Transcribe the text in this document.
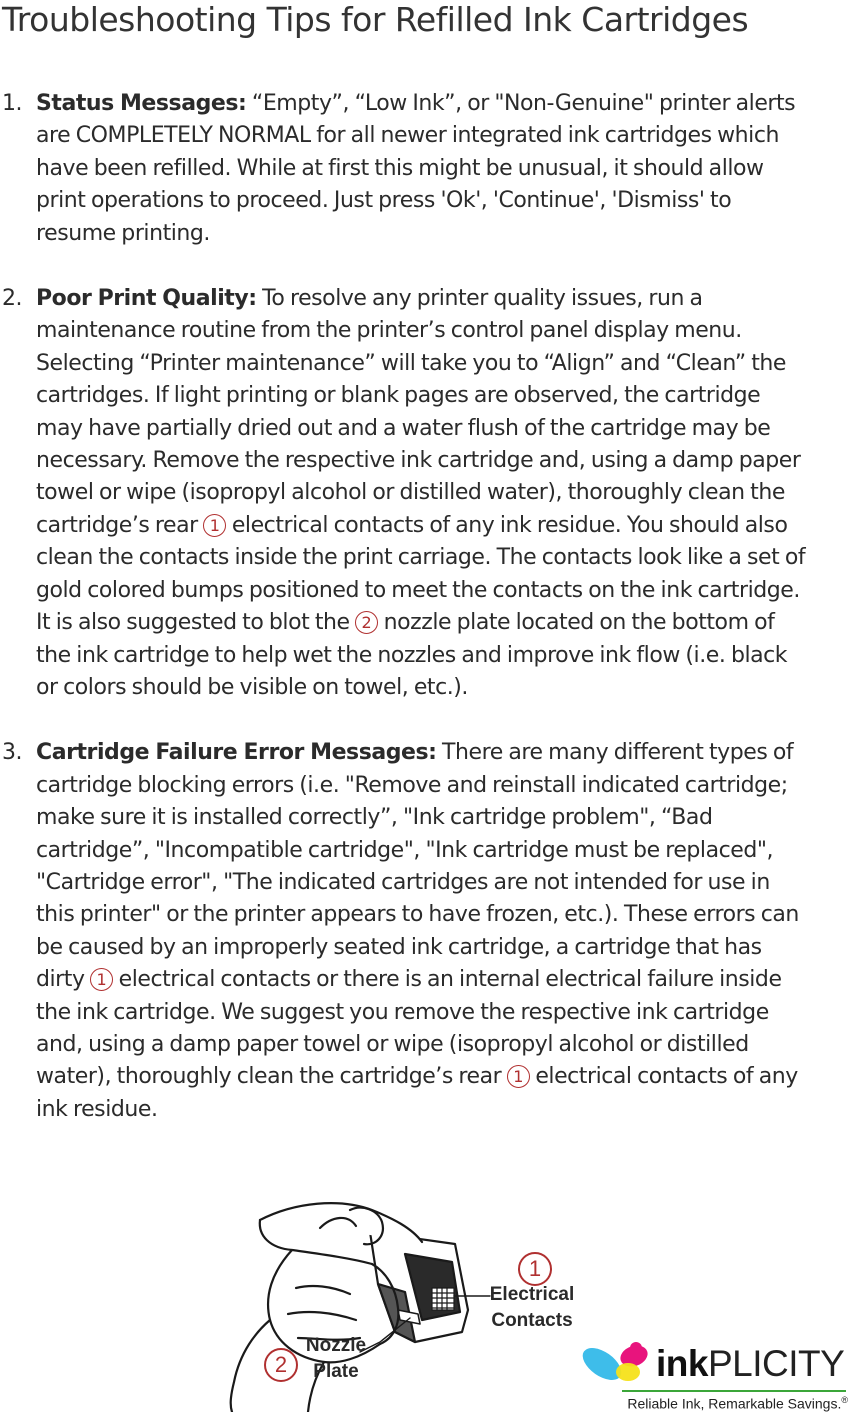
Troubleshooting Tips for Refilled Ink Cartridges
1. Status Messages: “Empty”, “Low Ink”, or "Non-Genuine" printer alerts are COMPLETELY NORMAL for all newer integrated ink cartridges which have been refilled. While at first this might be unusual, it should allow print operations to proceed. Just press 'Ok', 'Continue', 'Dismiss' to resume printing.
2. Poor Print Quality: To resolve any printer quality issues, run a maintenance routine from the printer’s control panel display menu. Selecting “Printer maintenance” will take you to “Align” and “Clean” the cartridges. If light printing or blank pages are observed, the cartridge may have partially dried out and a water flush of the cartridge may be necessary. Remove the respective ink cartridge and, using a damp paper towel or wipe (isopropyl alcohol or distilled water), thoroughly clean the cartridge’s rear 1 electrical contacts of any ink residue. You should also clean the contacts inside the print carriage. The contacts look like a set of gold colored bumps positioned to meet the contacts on the ink cartridge. It is also suggested to blot the 2 nozzle plate located on the bottom of the ink cartridge to help wet the nozzles and improve ink flow (i.e. black or colors should be visible on towel, etc.).
3. Cartridge Failure Error Messages: There are many different types of cartridge blocking errors (i.e. "Remove and reinstall indicated cartridge; make sure it is installed correctly”, "Ink cartridge problem", “Bad cartridge”, "Incompatible cartridge", "Ink cartridge must be replaced", "Cartridge error", "The indicated cartridges are not intended for use in this printer" or the printer appears to have frozen, etc.). These errors can be caused by an improperly seated ink cartridge, a cartridge that has dirty 1 electrical contacts or there is an internal electrical failure inside the ink cartridge. We suggest you remove the respective ink cartridge and, using a damp paper towel or wipe (isopropyl alcohol or distilled water), thoroughly clean the cartridge’s rear 1 electrical contacts of any ink residue.
1
Electrical
Contacts
2
Nozzle
Plate	inkPLICITY
Reliable Ink, Remarkable Savings.®
